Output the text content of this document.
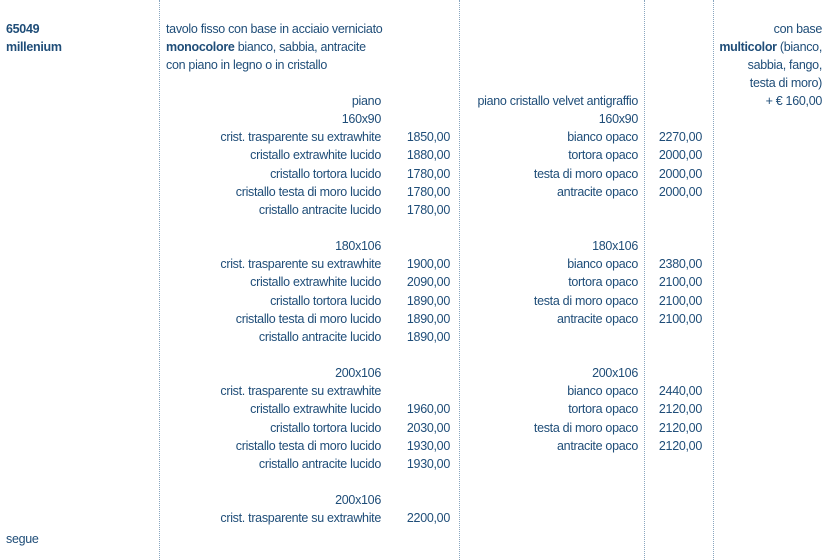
65049
millenium
tavolo fisso con base in acciaio verniciato
monocolore bianco, sabbia, antracite
con piano in legno o in cristallo
con base
multicolor (bianco,
sabbia, fango,
testa di moro)
+ € 160,00
piano	piano cristallo velvet antigraffio
160x90
crist. trasparente su extrawhite	1850,00
cristallo extrawhite lucido	1880,00
cristallo tortora lucido	1780,00
cristallo testa di moro lucido	1780,00
cristallo antracite lucido	1780,00
180x106
crist. trasparente su extrawhite	1900,00
cristallo extrawhite lucido	2090,00
cristallo tortora lucido	1890,00
cristallo testa di moro lucido	1890,00
cristallo antracite lucido	1890,00
200x106
crist. trasparente su extrawhite
cristallo extrawhite lucido	1960,00
cristallo tortora lucido	2030,00
cristallo testa di moro lucido	1930,00
cristallo antracite lucido	1930,00
200x106
crist. trasparente su extrawhite	2200,00
160x90
bianco opaco	2270,00
tortora opaco	2000,00
testa di moro opaco	2000,00
antracite opaco	2000,00
180x106
bianco opaco	2380,00
tortora opaco	2100,00
testa di moro opaco	2100,00
antracite opaco	2100,00
200x106
bianco opaco	2440,00
tortora opaco	2120,00
testa di moro opaco	2120,00
antracite opaco	2120,00
segue
